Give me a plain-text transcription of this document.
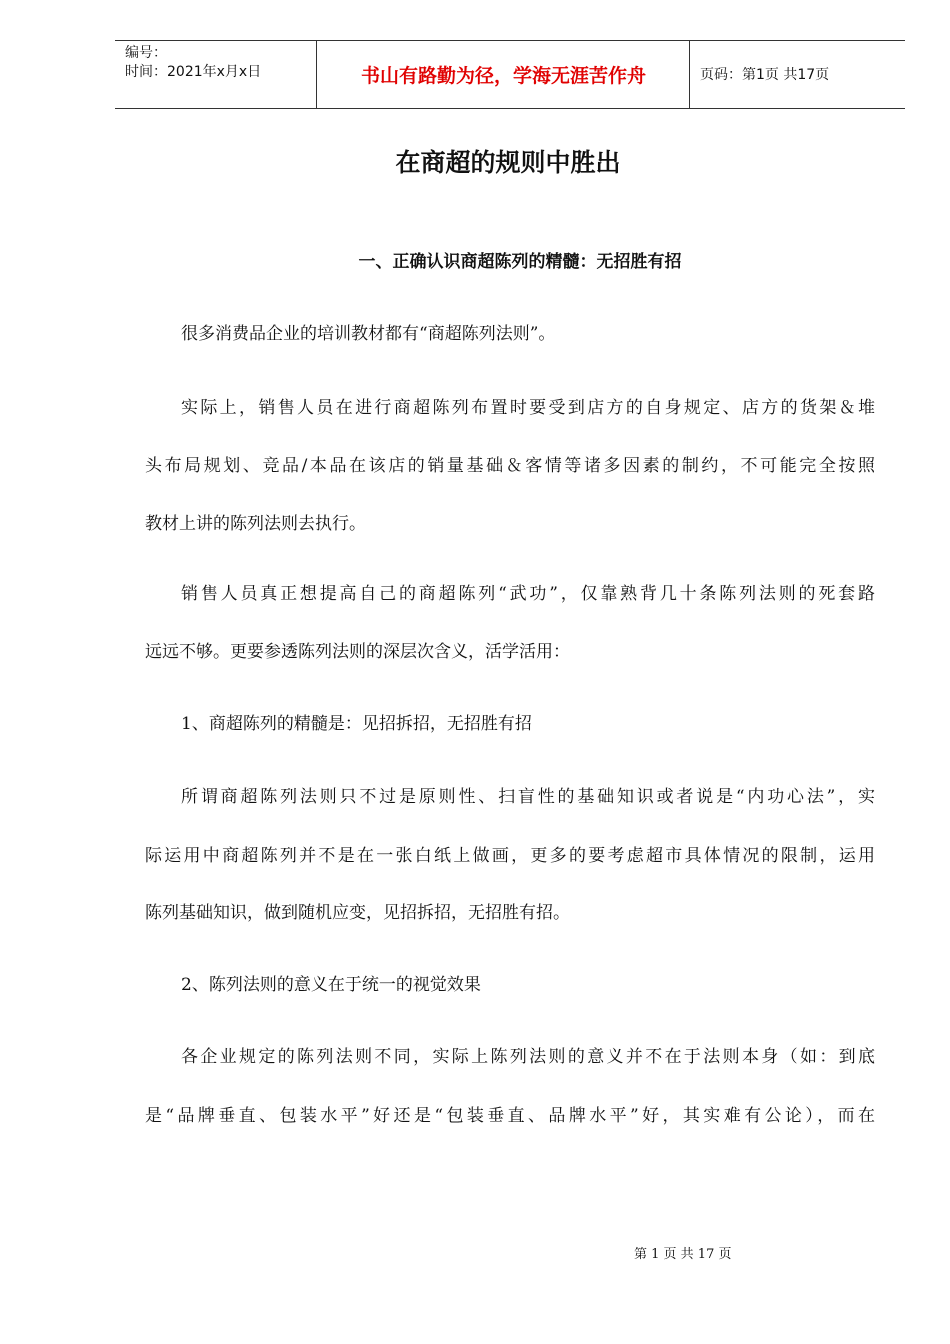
编号：
时间：2021年x月x日	书山有路勤为径，学海无涯苦作舟	页码：第1页 共17页
在商超的规则中胜出
一、正确认识商超陈列的精髓：无招胜有招
很多消费品企业的培训教材都有“商超陈列法则”。
实际上，销售人员在进行商超陈列布置时要受到店方的自身规定、店方的货架＆堆
头布局规划、竞品/本品在该店的销量基础＆客情等诸多因素的制约，不可能完全按照
教材上讲的陈列法则去执行。
销售人员真正想提高自己的商超陈列“武功”，仅靠熟背几十条陈列法则的死套路
远远不够。更要参透陈列法则的深层次含义，活学活用：
1、商超陈列的精髓是：见招拆招，无招胜有招
所谓商超陈列法则只不过是原则性、扫盲性的基础知识或者说是“内功心法”，实
际运用中商超陈列并不是在一张白纸上做画，更多的要考虑超市具体情况的限制，运用
陈列基础知识，做到随机应变，见招拆招，无招胜有招。
2、陈列法则的意义在于统一的视觉效果
各企业规定的陈列法则不同，实际上陈列法则的意义并不在于法则本身（如：到底
是“品牌垂直、包装水平”好还是“包装垂直、品牌水平”好，其实难有公论），而在
第 1 页 共 17 页
